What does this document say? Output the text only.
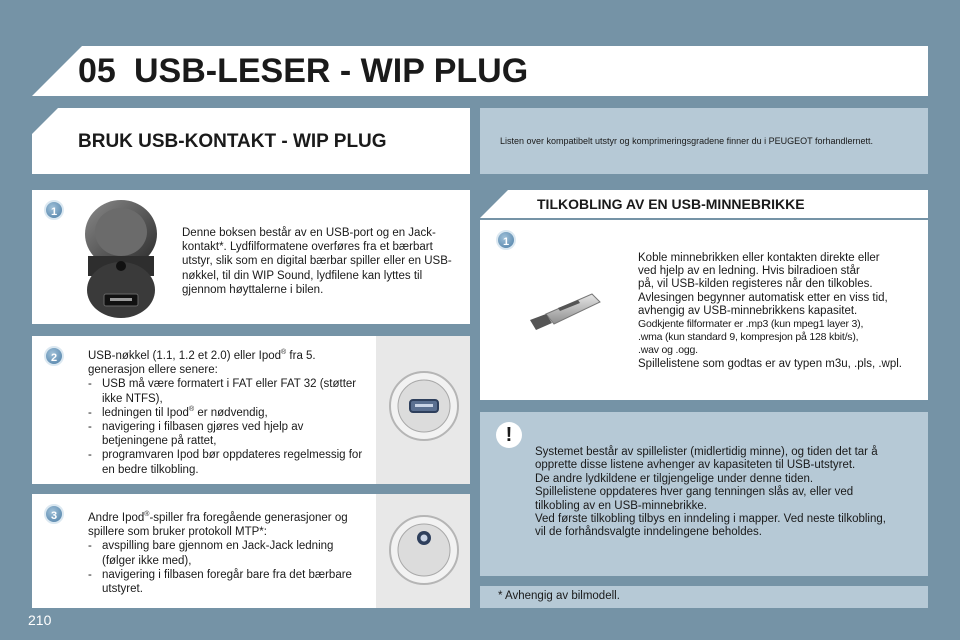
05 USB-LESER - WIP PLUG
BRUK USB-KONTAKT - WIP PLUG	Listen over kompatibelt utstyr og komprimeringsgradene finner du i PEUGEOT forhandlernett.
1
Denne boksen består av en USB-port og en Jack-kontakt*. Lydfilformatene overføres fra et bærbart utstyr, slik som en digital bærbar spiller eller en USB-nøkkel, til din WIP Sound, lydfilene kan lyttes til gjennom høyttalerne i bilen.
2	USB-nøkkel (1.1, 1.2 et 2.0) eller Ipod® fra 5. generasjon ellere senere:
- USB må være formatert i FAT eller FAT 32 (støtter ikke NTFS),
- ledningen til Ipod® er nødvendig,
- navigering i filbasen gjøres ved hjelp av betjeningene på rattet,
- programvaren Ipod bør oppdateres regelmessig for en bedre tilkobling.
3	Andre Ipod®-spiller fra foregående generasjoner og spillere som bruker protokoll MTP*:
- avspilling bare gjennom en Jack-Jack ledning (følger ikke med),
- navigering i filbasen foregår bare fra det bærbare utstyret.
TILKOBLING AV EN USB-MINNEBRIKKE
1
Koble minnebrikken eller kontakten direkte eller
ved hjelp av en ledning. Hvis bilradioen står
på, vil USB-kilden registeres når den tilkobles.
Avlesingen begynner automatisk etter en viss tid,
avhengig av USB-minnebrikkens kapasitet.
Godkjente filformater er .mp3 (kun mpeg1 layer 3),
.wma (kun standard 9, kompresjon på 128 kbit/s),
.wav og .ogg.
Spillelistene som godtas er av typen m3u, .pls, .wpl.
!
Systemet består av spillelister (midlertidig minne), og tiden det tar å
opprette disse listene avhenger av kapasiteten til USB-utstyret.
De andre lydkildene er tilgjengelige under denne tiden.
Spillelistene oppdateres hver gang tenningen slås av, eller ved
tilkobling av en USB-minnebrikke.
Ved første tilkobling tilbys en inndeling i mapper. Ved neste tilkobling,
vil de forhåndsvalgte inndelingene beholdes.
* Avhengig av bilmodell.
210
